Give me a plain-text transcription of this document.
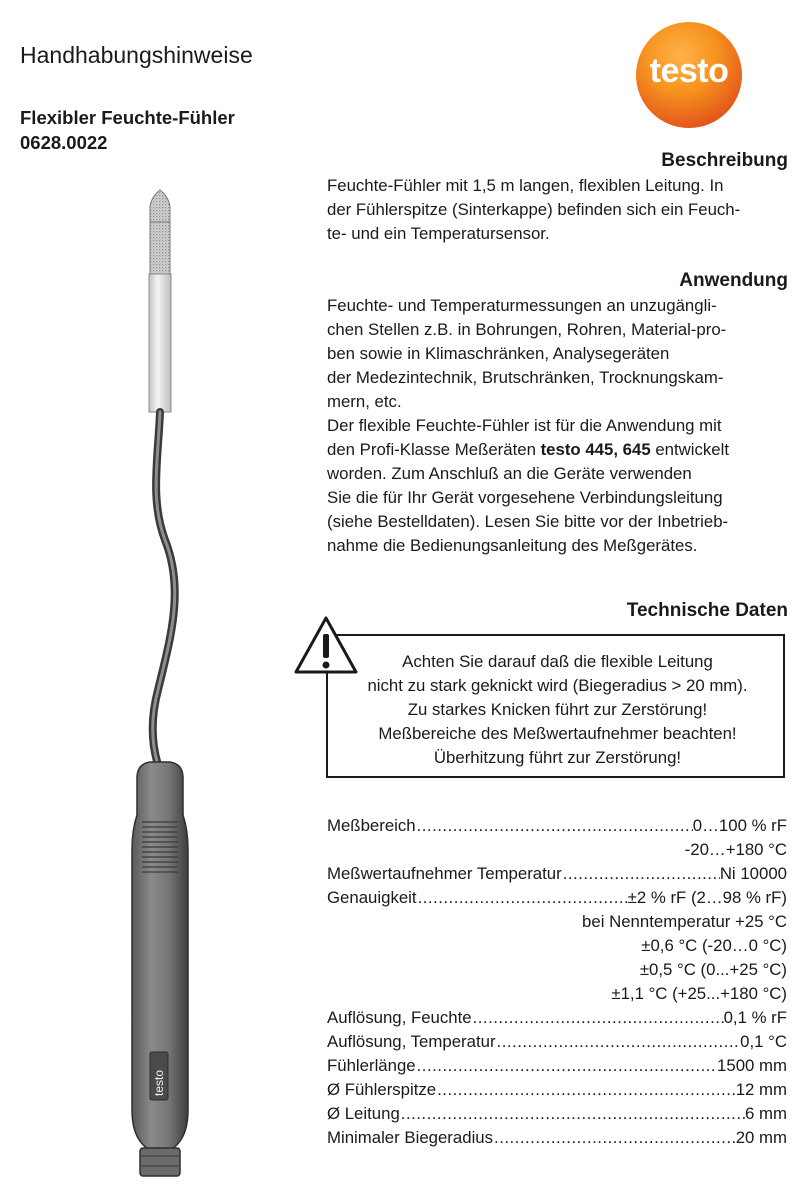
Handhabungshinweise
Flexibler Feuchte-Fühler
0628.0022
testo
testo
Beschreibung
Feuchte-Fühler mit 1,5 m langen, flexiblen Leitung. In
der Fühlerspitze (Sinterkappe) befinden sich ein Feuch-
te- und ein Temperatursensor.
Anwendung
Feuchte- und Temperaturmessungen an unzugängli-
chen Stellen z.B. in Bohrungen, Rohren, Material-pro-
ben sowie in Klimaschränken, Analysegeräten
der Medezintechnik, Brutschränken, Trocknungskam-
mern, etc.
Der flexible Feuchte-Fühler ist für die Anwendung mit
den Profi-Klasse Meßeräten testo 445, 645 entwickelt
worden. Zum Anschluß an die Geräte verwenden
Sie die für Ihr Gerät vorgesehene Verbindungsleitung
(siehe Bestelldaten). Lesen Sie bitte vor der Inbetrieb-
nahme die Bedienungsanleitung des Meßgerätes.
Technische Daten
Achten Sie darauf daß die flexible Leitung
nicht zu stark geknickt wird (Biegeradius > 20 mm).
Zu starkes Knicken führt zur Zerstörung!
Meßbereiche des Meßwertaufnehmer beachten!
Überhitzung führt zur Zerstörung!
Meßbereich .....	0…100 % rF
-20…+180 °C
Meßwertaufnehmer Temperatur .....	Ni 10000
Genauigkeit .....	±2 % rF (2…98 % rF)
bei Nenntemperatur +25 °C
±0,6 °C (-20…0 °C)
±0,5 °C (0...+25 °C)
±1,1 °C (+25...+180 °C)
Auflösung, Feuchte .....	0,1 % rF
Auflösung, Temperatur .....	0,1 °C
Fühlerlänge .....	1500 mm
Ø Fühlerspitze .....	12 mm
Ø Leitung .....	6 mm
Minimaler Biegeradius .....	20 mm
